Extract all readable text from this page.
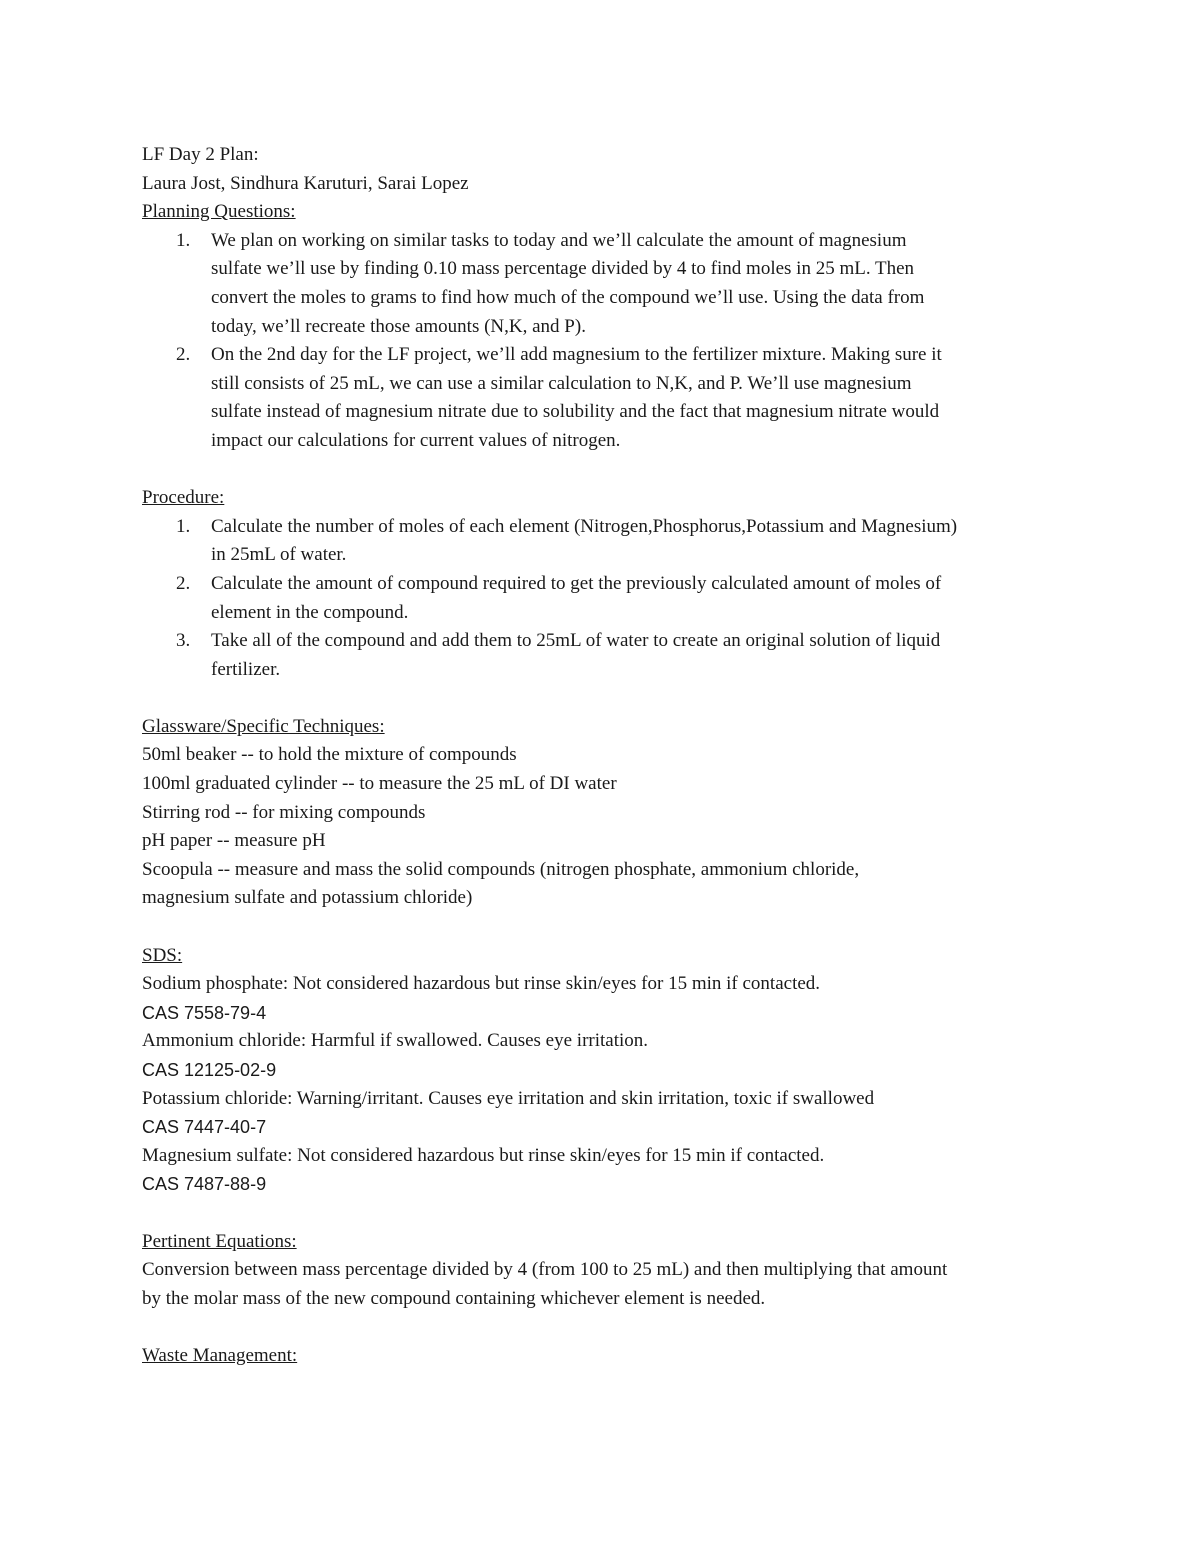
LF Day 2 Plan:
Laura Jost, Sindhura Karuturi, Sarai Lopez
Planning Questions:
1. We plan on working on similar tasks to today and we’ll calculate the amount of magnesium
sulfate we’ll use by finding 0.10 mass percentage divided by 4 to find moles in 25 mL. Then
convert the moles to grams to find how much of the compound we’ll use. Using the data from
today, we’ll recreate those amounts (N,K, and P).
2. On the 2nd day for the LF project, we’ll add magnesium to the fertilizer mixture. Making sure it
still consists of 25 mL, we can use a similar calculation to N,K, and P. We’ll use magnesium
sulfate instead of magnesium nitrate due to solubility and the fact that magnesium nitrate would
impact our calculations for current values of nitrogen.
Procedure:
1. Calculate the number of moles of each element (Nitrogen,Phosphorus,Potassium and Magnesium)
in 25mL of water.
2. Calculate the amount of compound required to get the previously calculated amount of moles of
element in the compound.
3. Take all of the compound and add them to 25mL of water to create an original solution of liquid
fertilizer.
Glassware/Specific Techniques:
50ml beaker -- to hold the mixture of compounds
100ml graduated cylinder -- to measure the 25 mL of DI water
Stirring rod -- for mixing compounds
pH paper -- measure pH
Scoopula -- measure and mass the solid compounds (nitrogen phosphate, ammonium chloride,
magnesium sulfate and potassium chloride)
SDS:
Sodium phosphate: Not considered hazardous but rinse skin/eyes for 15 min if contacted.
CAS 7558-79-4
Ammonium chloride: Harmful if swallowed. Causes eye irritation.
CAS 12125-02-9
Potassium chloride: Warning/irritant. Causes eye irritation and skin irritation, toxic if swallowed
CAS 7447-40-7
Magnesium sulfate: Not considered hazardous but rinse skin/eyes for 15 min if contacted.
CAS 7487-88-9
Pertinent Equations:
Conversion between mass percentage divided by 4 (from 100 to 25 mL) and then multiplying that amount
by the molar mass of the new compound containing whichever element is needed.
Waste Management:
